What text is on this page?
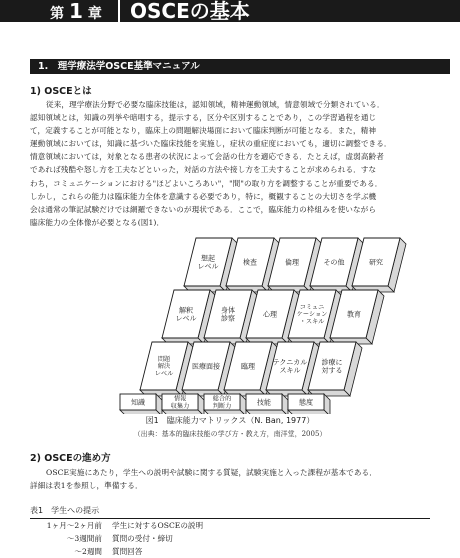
第 1 章	OSCEの基本
1.　理学療法学OSCE基準マニュアル
1) OSCEとは

従来，理学療法分野で必要な臨床技能は，認知領域，精神運動領域，情意領域で分類されている．

認知領域とは，知識の列挙や暗唱する，提示する，区分や区別することであり，この学習過程を通じ

て，定義することが可能となり，臨床上の問題解決場面において臨床判断が可能となる．また，精神

運動領域においては，知識に基づいた臨床技能を実施し，症状の重症度においても，適切に調整できる．

情意領域においては，対象となる患者の状況によって会話の仕方を適応できる．たとえば，虚弱高齢者

であれば残酷や怒し方を工夫などといった，対話の方法や接し方を工夫することが求められる．すな

わち，コミュニケーションにおける"ほどよいころあい"，"間"の取り方を調整することが重要である．

しかし，これらの能力は臨床能力全体を意識する必要であり，特に，概観することの大切さを学ぶ機

会は通常の筆記試験だけでは網羅できないのが現状である．ここで，臨床能力の枠組みを使いながら

臨床能力の全体像が必要となる(図1)．

想起レベル
検査	倫理	その他	研究
解釈レベル
身体診察
心理
コミュニケーション・スキル
教育
問題解決レベル
医療面接	臨理
テクニカルスキル
診療に対する
知識	情報収集力
総合的判断力	技能	態度
図1　臨床能力マトリックス（N. Ban, 1977）
（出典：基本的臨床技能の学び方・教え方，南洋堂，2005）
2) OSCEの進め方

OSCE実施にあたり，学生への説明や試験に関する質疑，試験実施と入った課程が基本である．

詳細は表1を参照し，準備する．

表1　学生への提示
1ヶ月～2ヶ月前 学生に対するOSCEの説明
～3週間前 質問の受付・締切
～2週間 質問回答
